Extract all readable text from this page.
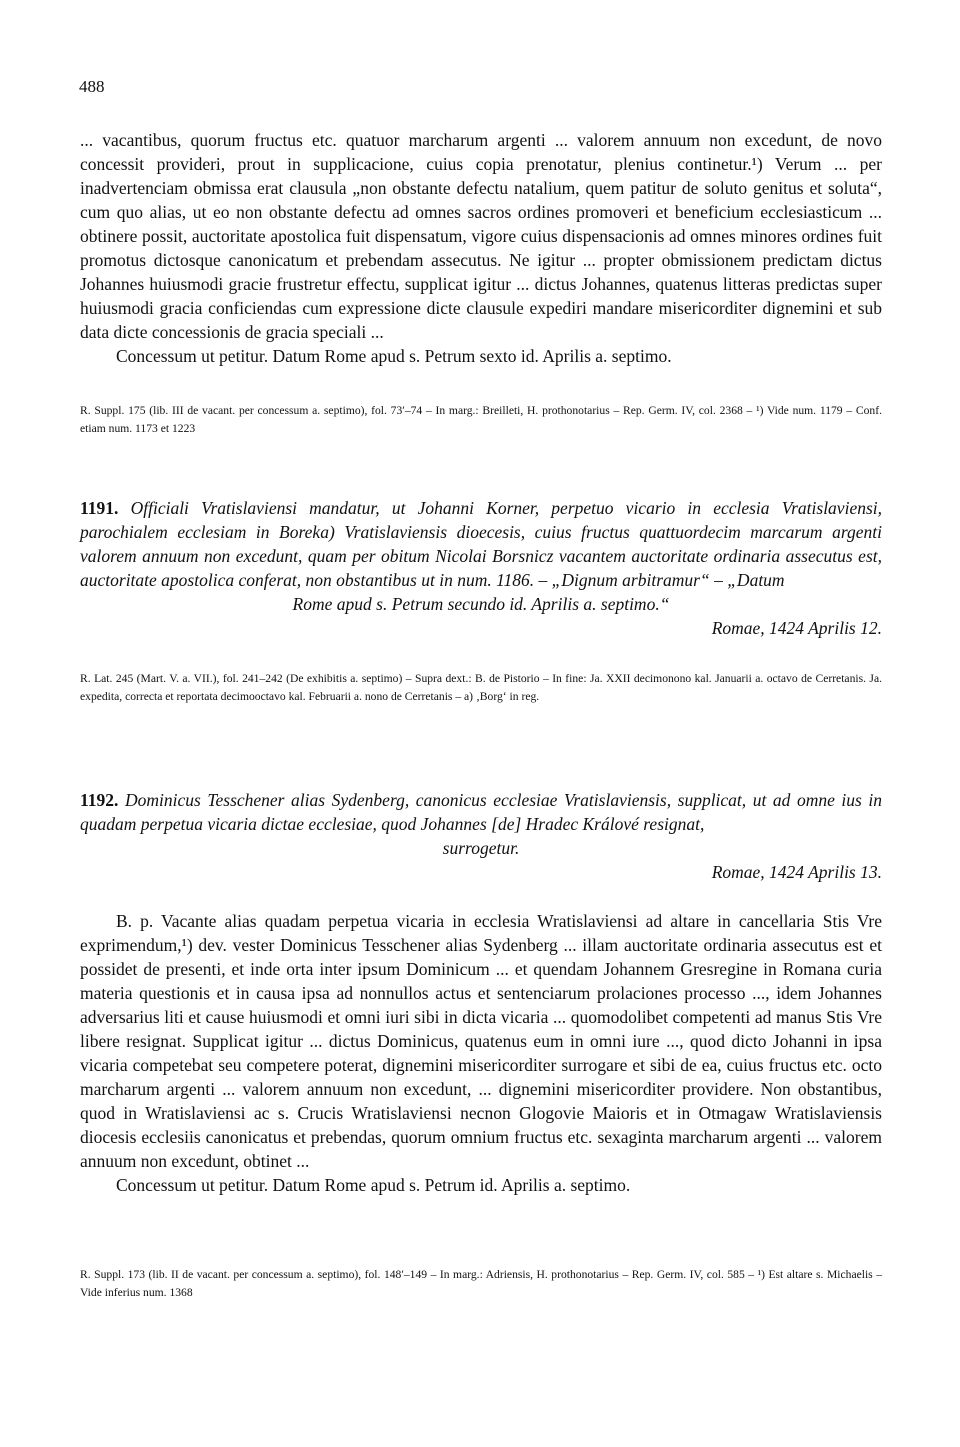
488

... vacantibus, quorum fructus etc. quatuor marcharum argenti ... valorem annuum non excedunt, de novo concessit provideri, prout in supplicacione, cuius copia prenotatur, plenius continetur.¹) Verum ... per inadvertenciam obmissa erat clausula „non obstante defectu natalium, quem patitur de soluto genitus et soluta“, cum quo alias, ut eo non obstante defectu ad omnes sacros ordines promoveri et beneficium ecclesiasticum ... obtinere possit, auctoritate apostolica fuit dispensatum, vigore cuius dispensacionis ad omnes minores ordines fuit promotus dictosque canonicatum et prebendam assecutus. Ne igitur ... propter obmissionem predictam dictus Johannes huiusmodi gracie frustretur effectu, supplicat igitur ... dictus Johannes, quatenus litteras predictas super huiusmodi gracia conficiendas cum expressione dicte clausule expediri mandare misericorditer dignemini et sub data dicte concessionis de gracia speciali ...

Concessum ut petitur. Datum Rome apud s. Petrum sexto id. Aprilis a. septimo.

R. Suppl. 175 (lib. III de vacant. per concessum a. septimo), fol. 73′–74 – In marg.: Breilleti, H. prothonotarius – Rep. Germ. IV, col. 2368 – ¹) Vide num. 1179 – Conf. etiam num. 1173 et 1223

1191. Officiali Vratislaviensi mandatur, ut Johanni Korner, perpetuo vicario in ecclesia Vratislaviensi, parochialem ecclesiam in Boreka) Vratislaviensis dioecesis, cuius fructus quattuordecim marcarum argenti valorem annuum non excedunt, quam per obitum Nicolai Borsnicz vacantem auctoritate ordinaria assecutus est, auctoritate apostolica conferat, non obstantibus ut in num. 1186. – „Dignum arbitramur“ – „Datum

Rome apud s. Petrum secundo id. Aprilis a. septimo.“

Romae, 1424 Aprilis 12.

R. Lat. 245 (Mart. V. a. VII.), fol. 241–242 (De exhibitis a. septimo) – Supra dext.: B. de Pistorio – In fine: Ja. XXII decimonono kal. Januarii a. octavo de Cerretanis. Ja. expedita, correcta et reportata decimooctavo kal. Februarii a. nono de Cerretanis – a) ‚Borg‘ in reg.

1192. Dominicus Tesschener alias Sydenberg, canonicus ecclesiae Vratislaviensis, supplicat, ut ad omne ius in quadam perpetua vicaria dictae ecclesiae, quod Johannes [de] Hradec Králové resignat,

surrogetur.

Romae, 1424 Aprilis 13.

B. p. Vacante alias quadam perpetua vicaria in ecclesia Wratislaviensi ad altare in cancellaria Stis Vre exprimendum,¹) dev. vester Dominicus Tesschener alias Sydenberg ... illam auctoritate ordinaria assecutus est et possidet de presenti, et inde orta inter ipsum Dominicum ... et quendam Johannem Gresregine in Romana curia materia questionis et in causa ipsa ad nonnullos actus et sentenciarum prolaciones processo ..., idem Johannes adversarius liti et cause huiusmodi et omni iuri sibi in dicta vicaria ... quomodolibet competenti ad manus Stis Vre libere resignat. Supplicat igitur ... dictus Dominicus, quatenus eum in omni iure ..., quod dicto Johanni in ipsa vicaria competebat seu competere poterat, dignemini misericorditer surrogare et sibi de ea, cuius fructus etc. octo marcharum argenti ... valorem annuum non excedunt, ... dignemini misericorditer providere. Non obstantibus, quod in Wratislaviensi ac s. Crucis Wratislaviensi necnon Glogovie Maioris et in Otmagaw Wratislaviensis diocesis ecclesiis canonicatus et prebendas, quorum omnium fructus etc. sexaginta marcharum argenti ... valorem annuum non excedunt, obtinet ...

Concessum ut petitur. Datum Rome apud s. Petrum id. Aprilis a. septimo.

R. Suppl. 173 (lib. II de vacant. per concessum a. septimo), fol. 148′–149 – In marg.: Adriensis, H. prothonotarius – Rep. Germ. IV, col. 585 – ¹) Est altare s. Michaelis – Vide inferius num. 1368
